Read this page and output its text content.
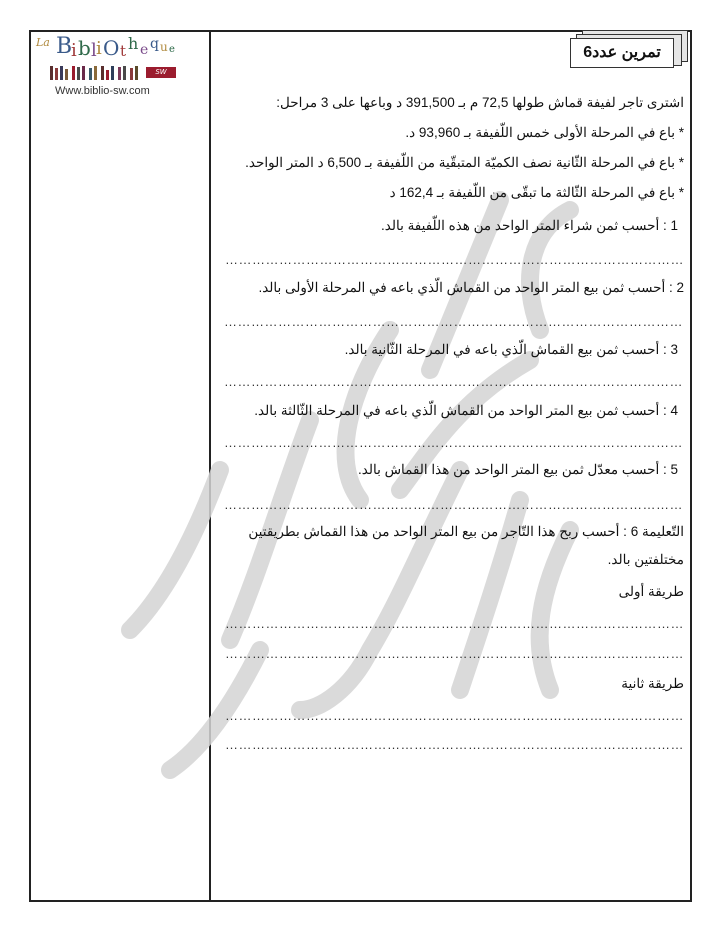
La B
i b l i O t h e q u e
SW
Www.biblio-sw.com
تمرين عدد6
اشترى تاجر لفيفة قماش طولها 72,5 م بـ 391,500 د وباعها على 3 مراحل:
* باع في المرحلة الأولى خمس اللّفيفة بـ 93,960 د.
* باع في المرحلة الثّانية نصف الكميّة المتبقّية من اللّفيفة بـ 6,500 د المتر الواحد.
* باع في المرحلة الثّالثة ما تبقّى من اللّفيفة بـ 162,4 د
1 : أحسب ثمن شراء المتر الواحد من هذه اللّفيفة بالد.
…………………………………………………………………………………………
2 : أحسب ثمن بيع المتر الواحد من القماش الّذي باعه في المرحلة الأولى بالد.
…………………………………………………………………………………………
3 : أحسب ثمن بيع القماش الّذي باعه في المرحلة الثّانية بالد.
…………………………………………………………………………………………
4 : أحسب ثمن بيع المتر الواحد من القماش الّذي باعه في المرحلة الثّالثة بالد.
…………………………………………………………………………………………
5 : أحسب معدّل ثمن بيع المتر الواحد من هذا القماش بالد.
…………………………………………………………………………………………
التّعليمة 6 : أحسب ربح هذا التّاجر من بيع المتر الواحد من هذا القماش بطريقتين
مختلفتين بالد.
طريقة أولى
…………………………………………………………………………………………
…………………………………………………………………………………………
طريقة ثانية
…………………………………………………………………………………………
…………………………………………………………………………………………
